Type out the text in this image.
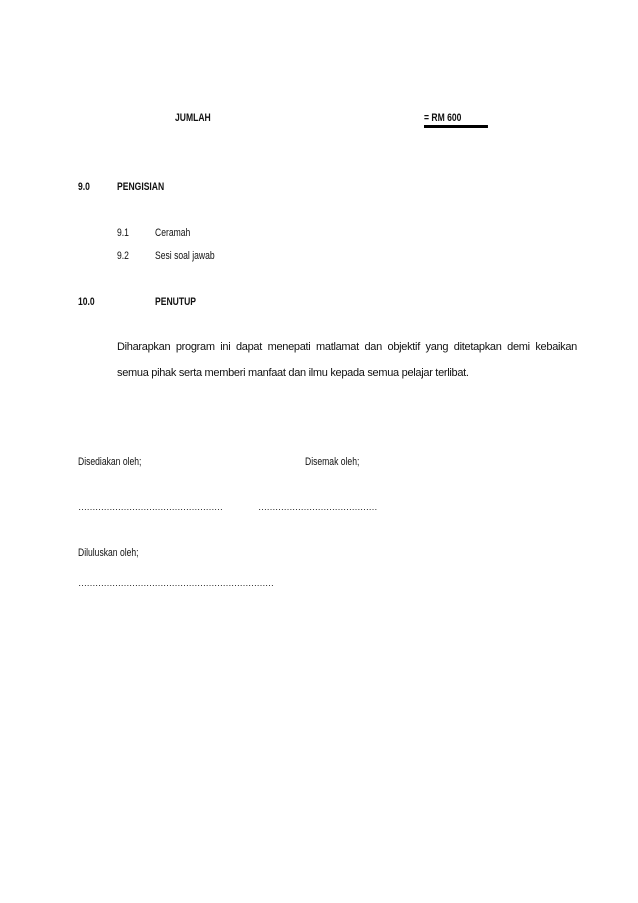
JUMLAH	= RM 600
9.0 PENGISIAN
9.1 Ceramah
9.2 Sesi soal jawab
10.0	PENUTUP
Diharapkan program ini dapat menepati matlamat dan objektif yang ditetapkan demi kebaikan semua pihak serta memberi manfaat dan ilmu kepada semua pelajar terlibat.
Disediakan oleh;	Disemak oleh;
……………………………………………	……………………………………
Diluluskan oleh;
……………………………………………………………
